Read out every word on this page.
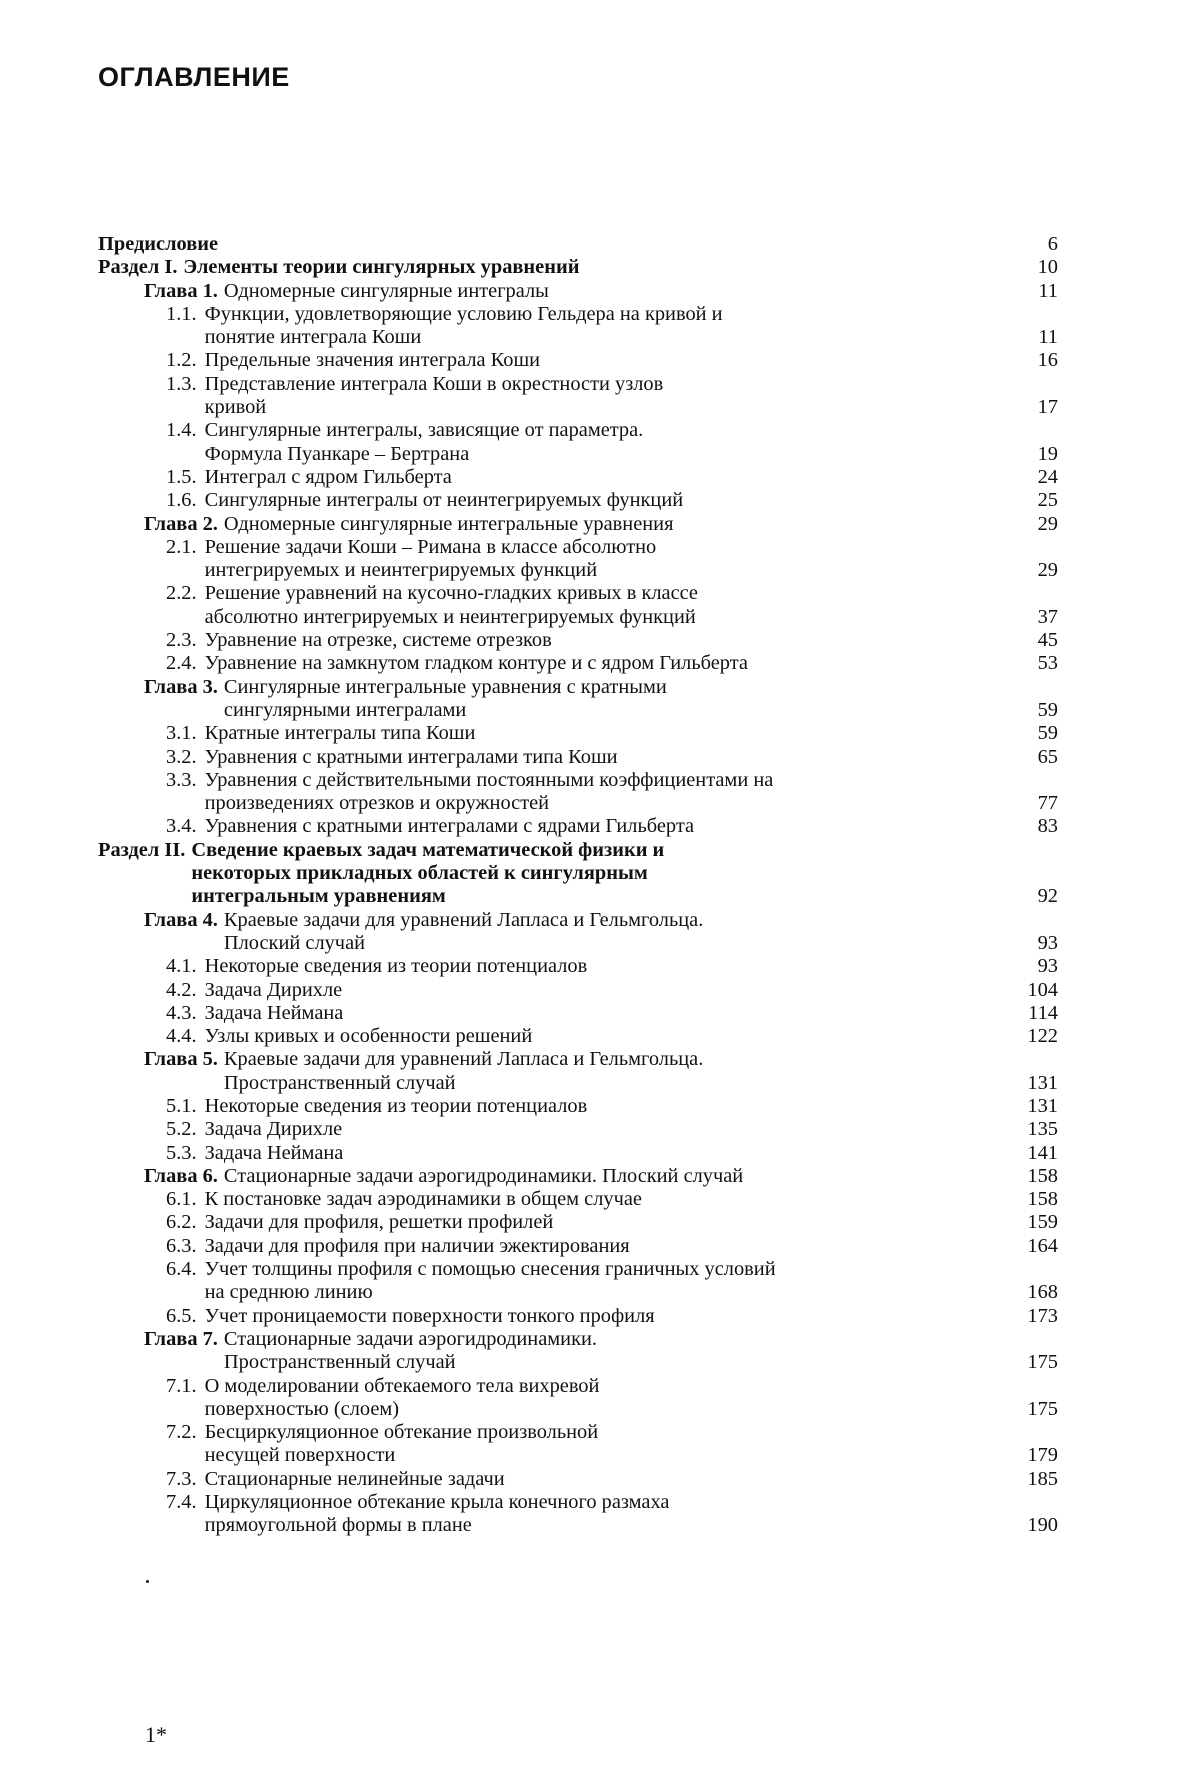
ОГЛАВЛЕНИЕ
Предисловие	6
Раздел I. Элементы теории сингулярных уравнений	10
Глава 1. Одномерные сингулярные интегралы	11
1.1. Функции, удовлетворяющие условию Гельдера на кривой и
понятие интеграла Коши	11
1.2. Предельные значения интеграла Коши	16
1.3. Представление интеграла Коши в окрестности узлов
кривой	17
1.4. Сингулярные интегралы, зависящие от параметра.
Формула Пуанкаре – Бертрана	19
1.5. Интеграл с ядром Гильберта	24
1.6. Сингулярные интегралы от неинтегрируемых функций	25
Глава 2. Одномерные сингулярные интегральные уравнения	29
2.1. Решение задачи Коши – Римана в классе абсолютно
интегрируемых и неинтегрируемых функций	29
2.2. Решение уравнений на кусочно-гладких кривых в классе
абсолютно интегрируемых и неинтегрируемых функций	37
2.3. Уравнение на отрезке, системе отрезков	45
2.4. Уравнение на замкнутом гладком контуре и с ядром Гильберта	53
Глава 3. Сингулярные интегральные уравнения с кратными
сингулярными интегралами	59
3.1. Кратные интегралы типа Коши	59
3.2. Уравнения с кратными интегралами типа Коши	65
3.3. Уравнения с действительными постоянными коэффициентами на
произведениях отрезков и окружностей	77
3.4. Уравнения с кратными интегралами с ядрами Гильберта	83
Раздел II. Сведение краевых задач математической физики и
некоторых прикладных областей к сингулярным
интегральным уравнениям	92
Глава 4. Краевые задачи для уравнений Лапласа и Гельмгольца.
Плоский случай	93
4.1. Некоторые сведения из теории потенциалов	93
4.2. Задача Дирихле	104
4.3. Задача Неймана	114
4.4. Узлы кривых и особенности решений	122
Глава 5. Краевые задачи для уравнений Лапласа и Гельмгольца.
Пространственный случай	131
5.1. Некоторые сведения из теории потенциалов	131
5.2. Задача Дирихле	135
5.3. Задача Неймана	141
Глава 6. Стационарные задачи аэрогидродинамики. Плоский случай	158
6.1. К постановке задач аэродинамики в общем случае	158
6.2. Задачи для профиля, решетки профилей	159
6.3. Задачи для профиля при наличии эжектирования	164
6.4. Учет толщины профиля с помощью снесения граничных условий
на среднюю линию	168
6.5. Учет проницаемости поверхности тонкого профиля	173
Глава 7. Стационарные задачи аэрогидродинамики.
Пространственный случай	175
7.1. О моделировании обтекаемого тела вихревой
поверхностью (слоем)	175
7.2. Бесциркуляционное обтекание произвольной
несущей поверхности	179
7.3. Стационарные нелинейные задачи	185
7.4. Циркуляционное обтекание крыла конечного размаха
прямоугольной формы в плане	190
1*
